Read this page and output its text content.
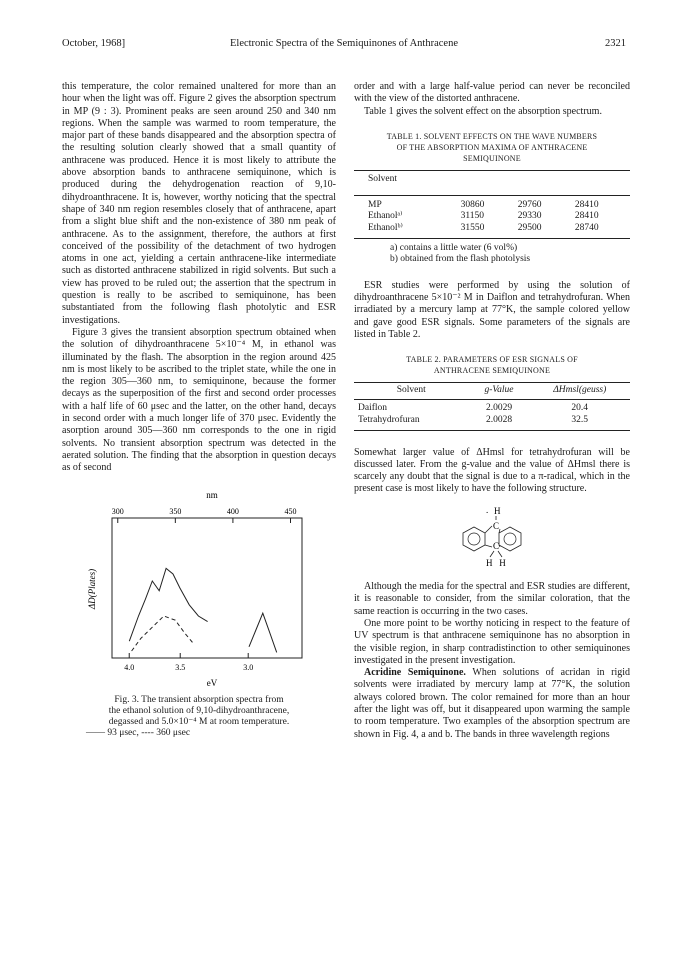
October, 1968]	Electronic Spectra of the Semiquinones of Anthracene	2321

this temperature, the color remained unaltered for more than an hour when the light was off. Figure 2 gives the absorption spectrum in MP (9 : 3). Prominent peaks are seen around 250 and 340 nm regions. When the sample was warmed to room temperature, the major part of these bands disappeared and the absorption spectra of the resulting solution clearly showed that a small quantity of anthracene was produced. Hence it is most likely to attribute the above absorption bands to anthracene semiquinone, which is produced during the dehydrogenation reaction of 9,10-dihydroanthracene. It is, however, worthy noticing that the spectral shape of 340 nm region resembles closely that of anthracene, apart from a slight blue shift and the non-existence of 380 nm peak of anthracene. As to the assignment, therefore, the authors at first conceived of the possibility of the detachment of two hydrogen atoms in one act, yielding a certain anthracene-like intermediate such as distorted anthracene stabilized in rigid solvents. But such a view has proved to be ruled out; the assertion that the spectrum in question is really to be ascribed to semiquinone, has been substantiated from the following flash photolytic and ESR investigations.

Figure 3 gives the transient absorption spectrum obtained when the solution of dihydroanthracene 5×10⁻⁴ M, in ethanol was illuminated by the flash. The absorption in the region around 425 nm is most likely to be ascribed to the triplet state, while the one in the region 305—360 nm, to semiquinone, because the former decays as the superposition of the first and second order processes with a half life of 60 μsec and the latter, on the other hand, decays in second order with a much longer life of 370 μsec. Evidently the asorption around 305—360 nm corresponds to the one in rigid solvents. No transient absorption spectrum was detected in the aerated solution. The finding that the absorption in question decays as of second

nm
300	350	400	450
ΔD(Plates)
4.0	3.5	3.0
eV
Fig. 3. The transient absorption spectra from
the ethanol solution of 9,10-dihydroanthracene,
degassed and 5.0×10⁻⁴ M at room temperature.
—— 93 μsec, ---- 360 μsec

order and with a large half-value period can never be reconciled with the view of the distorted anthracene.

Table 1 gives the solvent effect on the absorption spectrum.

TABLE 1. SOLVENT EFFECTS ON THE WAVE NUMBERS
OF THE ABSORPTION MAXIMA OF ANTHRACENE
SEMIQUINONE
Solvent			
MP	30860	29760	28410
Ethanolᵃ⁾	31150	29330	28410
Ethanolᵇ⁾	31550	29500	28740
a) contains a little water (6 vol%)
b) obtained from the flash photolysis

ESR studies were performed by using the solution of dihydroanthracene 5×10⁻² M in Daiflon and tetrahydrofuran. When irradiated by a mercury lamp at 77°K, the sample colored yellow and gave good ESR signals. Some parameters of the signals are listed in Table 2.

TABLE 2. PARAMETERS OF ESR SIGNALS OF
ANTHRACENE SEMIQUINONE
Solvent	g-Value	ΔHmsl(geuss)
Daiflon	2.0029	20.4
Tetrahydrofuran	2.0028	32.5

Somewhat larger value of ΔHmsl for tetrahydrofuran will be discussed later. From the g-value and the value of ΔHmsl there is scarcely any doubt that the signal is due to a π-radical, which in the present case is most likely to have the following structure.

. H
C
C
H   H

Although the media for the spectral and ESR studies are different, it is reasonable to consider, from the similar coloration, that the same reaction is occurring in the two cases.

One more point to be worthy noticing in respect to the feature of UV spectrum is that anthracene semiquinone has no absorption in the visible region, in sharp contradistinction to other semiquinones investigated in the present investigation.

Acridine Semiquinone. When solutions of acridan in rigid solvents were irradiated by mercury lamp at 77°K, the solution always colored brown. The color remained for more than an hour after the light was off, but it disappeared upon warming the sample to room temperature. Two examples of the absorption spectrum are shown in Fig. 4, a and b. The bands in three wavelength regions
